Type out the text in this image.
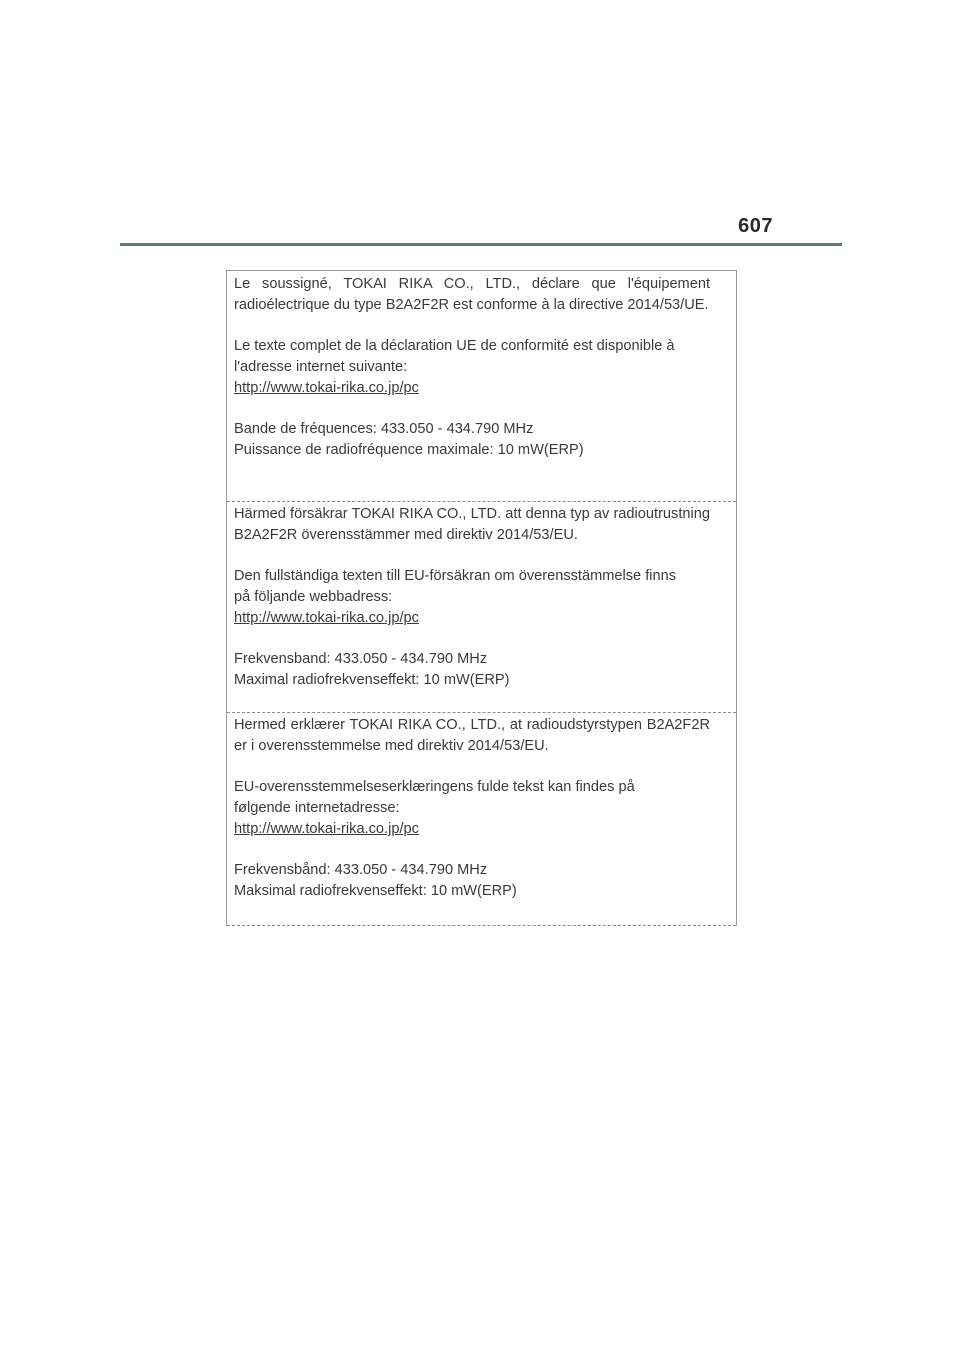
607

Le soussigné, TOKAI RIKA CO., LTD., déclare que l'équipement radioélectrique du type B2A2F2R est conforme à la directive 2014/53/UE.

Le texte complet de la déclaration UE de conformité est disponible à

l'adresse internet suivante:

http://www.tokai-rika.co.jp/pc

Bande de fréquences: 433.050 - 434.790 MHz

Puissance de radiofréquence maximale: 10 mW(ERP)

Härmed försäkrar TOKAI RIKA CO., LTD. att denna typ av radioutrustning B2A2F2R överensstämmer med direktiv 2014/53/EU.

Den fullständiga texten till EU-försäkran om överensstämmelse finns

på följande webbadress:

http://www.tokai-rika.co.jp/pc

Frekvensband: 433.050 - 434.790 MHz

Maximal radiofrekvenseffekt: 10 mW(ERP)

Hermed erklærer TOKAI RIKA CO., LTD., at radioudstyrstypen B2A2F2R er i overensstemmelse med direktiv 2014/53/EU.

EU-overensstemmelseserklæringens fulde tekst kan findes på

følgende internetadresse:

http://www.tokai-rika.co.jp/pc

Frekvensbånd: 433.050 - 434.790 MHz

Maksimal radiofrekvenseffekt: 10 mW(ERP)
